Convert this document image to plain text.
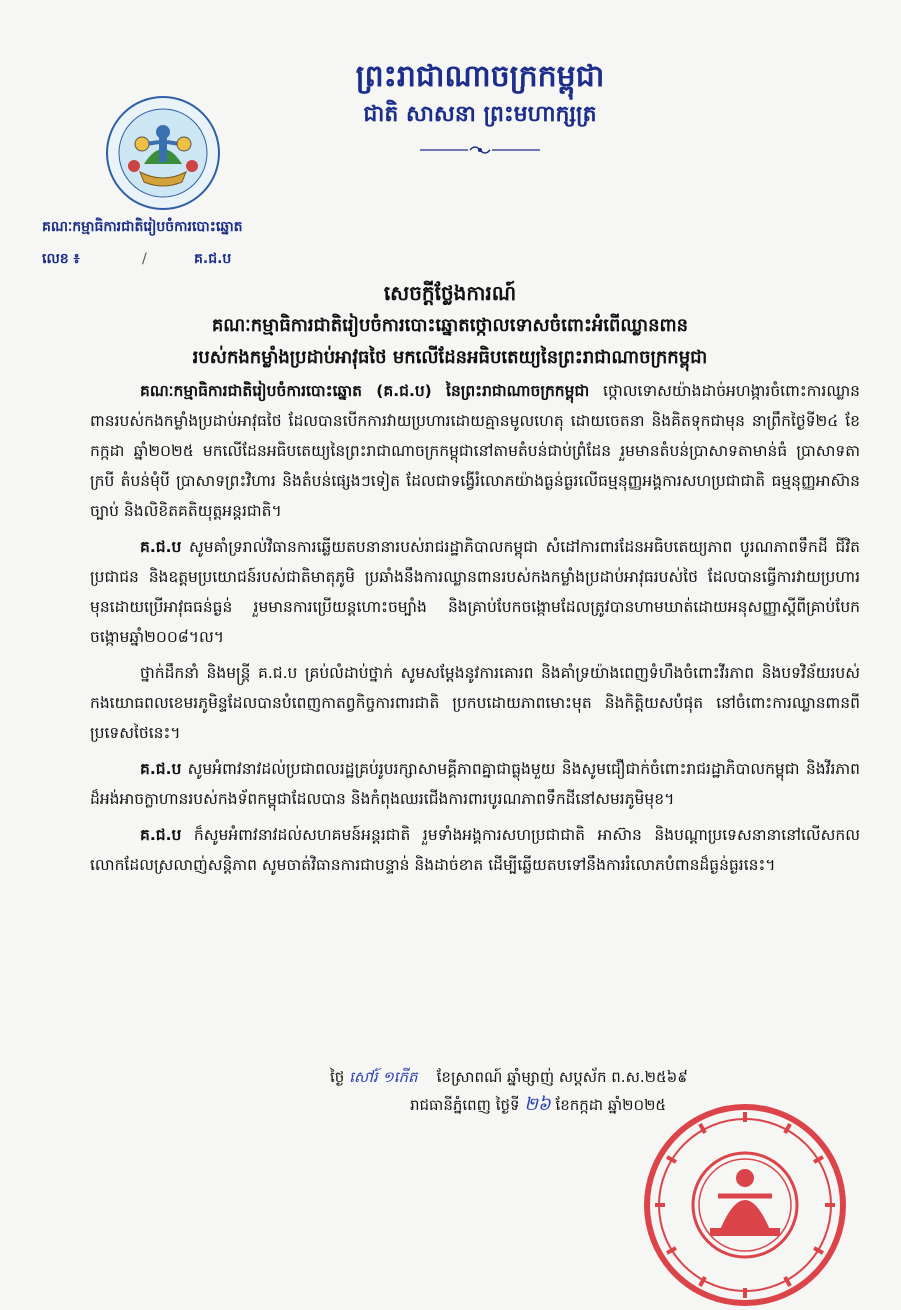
ព្រះរាជាណាចក្រកម្ពុជា
ជាតិ សាសនា ព្រះមហាក្សត្រ
គណៈកម្មាធិការជាតិរៀបចំការបោះឆ្នោត
លេខ ៖	/	គ.ជ.ប
សេចក្តីថ្លែងការណ៍
គណៈកម្មាធិការជាតិរៀបចំការបោះឆ្នោតថ្កោលទោសចំពោះអំពើឈ្លានពាន
របស់កងកម្លាំងប្រដាប់អាវុធថៃ មកលើដែនអធិបតេយ្យនៃព្រះរាជាណាចក្រកម្ពុជា

គណៈកម្មាធិការជាតិរៀបចំការបោះឆ្នោត (គ.ជ.ប) នៃព្រះរាជាណាចក្រកម្ពុជា ថ្កោលទោសយ៉ាងដាច់អហង្ការចំពោះការឈ្លានពានរបស់កងកម្លាំងប្រដាប់អាវុធថៃ ដែលបានបើកការវាយប្រហារដោយគ្មានមូលហេតុ ដោយចេតនា និងគិតទុកជាមុន នាព្រឹកថ្ងៃទី២៤ ខែកក្កដា ឆ្នាំ២០២៥ មកលើដែនអធិបតេយ្យនៃព្រះរាជាណាចក្រកម្ពុជានៅតាមតំបន់ជាប់ព្រំដែន រួមមានតំបន់ប្រាសាទតាមាន់ធំ ប្រាសាទតាក្របី តំបន់មុំបី ប្រាសាទព្រះវិហារ និងតំបន់ផ្សេងៗទៀត ដែលជាទង្វើរំលោភយ៉ាងធ្ងន់ធ្ងរលើធម្មនុញ្ញអង្គការសហប្រជាជាតិ ធម្មនុញ្ញអាស៊ាន ច្បាប់ និងលិខិតគតិយុត្តអន្តរជាតិ។

គ.ជ.ប សូមគាំទ្រ​រាល់វិធានការឆ្លើយតបនានារបស់រាជរដ្ឋាភិបាលកម្ពុជា សំដៅការពារដែនអធិបតេយ្យភាព បូរណភាពទឹកដី ជីវិតប្រជាជន និងឧត្តមប្រយោជន៍របស់ជាតិមាតុភូមិ ប្រឆាំងនឹងការឈ្លានពានរបស់កងកម្លាំងប្រដាប់អាវុធរបស់ថៃ ដែលបានធ្វើការវាយប្រហារមុនដោយប្រើអាវុធធន់ធ្ងន់ រួមមានការប្រើយន្តហោះចម្បាំង និងគ្រាប់បែកចង្កោមដែលត្រូវបានហាមឃាត់ដោយអនុសញ្ញាស្តីពីគ្រាប់បែកចង្កោមឆ្នាំ២០០៨។ល។

ថ្នាក់ដឹកនាំ និងមន្ត្រី គ.ជ.ប គ្រប់លំដាប់ថ្នាក់ សូមសម្តែងនូវការគោរព និងគាំទ្រយ៉ាងពេញទំហឹងចំពោះវីរភាព និងបទវិន័យរបស់កងយោធពលខេមរភូមិន្ទដែលបានបំពេញកាតព្វកិច្ចការពារជាតិ ប្រកបដោយភាពមោះមុត និងកិត្តិយសបំផុត នៅចំពោះការឈ្លានពានពីប្រទេសថៃនេះ។

គ.ជ.ប សូមអំពាវនាវដល់ប្រជាពលរដ្ឋគ្រប់រូបរក្សាសាមគ្គីភាពគ្នាជាធ្លុងមួយ និងសូមជឿជាក់ចំពោះរាជរដ្ឋាភិបាលកម្ពុជា និងវីរភាពដ៏អង់អាចក្លាហានរបស់កងទ័ពកម្ពុជាដែលបាន និងកំពុងឈរជើងការពារបូរណភាពទឹកដីនៅសមរភូមិមុខ។

គ.ជ.ប ក៏សូមអំពាវនាវដល់សហគមន៍អន្តរជាតិ រួមទាំងអង្គការសហប្រជាជាតិ អាស៊ាន និងបណ្តាប្រទេសនានានៅលើសកលលោកដែលស្រលាញ់សន្តិភាព សូមចាត់វិធានការជាបន្ទាន់ និងដាច់ខាត ដើម្បីឆ្លើយតបទៅនឹងការរំលោភបំពានដ៏ធ្ងន់ធ្ងរនេះ។

ថ្ងៃ សៅរ៍ ១កើត ខែស្រាពណ៍ ឆ្នាំម្សាញ់ សប្តស័ក ព.ស.២៥៦៩
រាជធានីភ្នំពេញ ថ្ងៃទី ២៦ ខែកក្កដា ឆ្នាំ២០២៥
